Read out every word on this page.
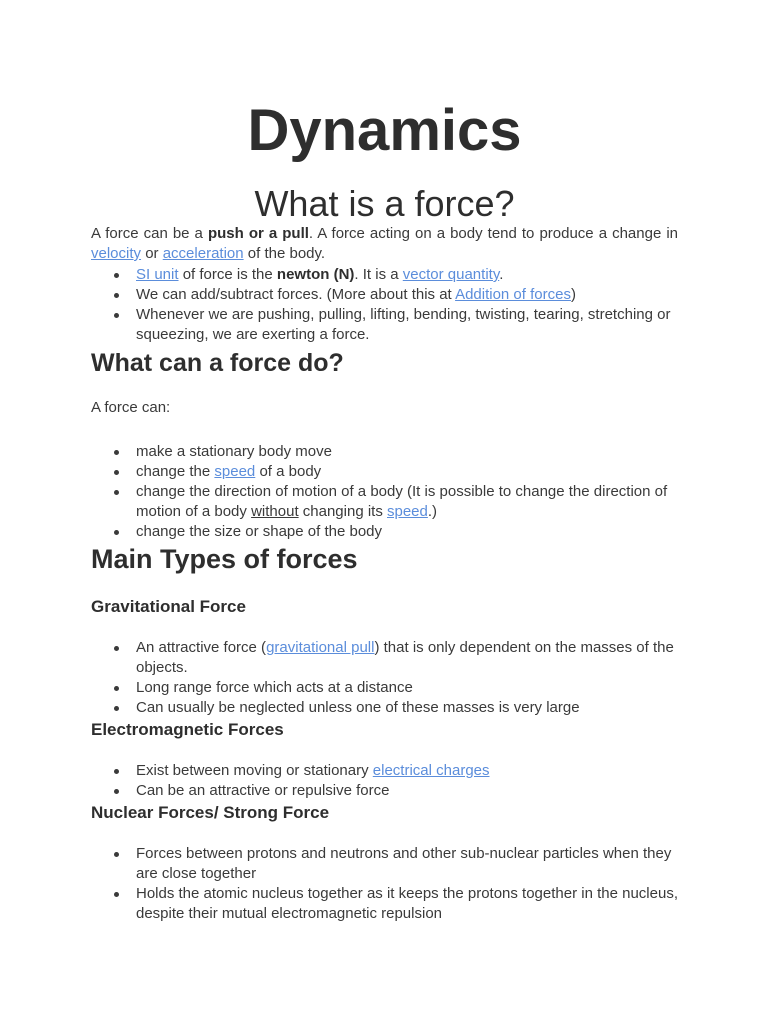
Dynamics
What is a force?

A force can be a push or a pull. A force acting on a body tend to produce a change in velocity or acceleration of the body.

SI unit of force is the newton (N). It is a vector quantity.
We can add/subtract forces. (More about this at Addition of forces)
Whenever we are pushing, pulling, lifting, bending, twisting, tearing, stretching or squeezing, we are exerting a force.
What can a force do?

A force can:

make a stationary body move
change the speed of a body
change the direction of motion of a body (It is possible to change the direction of motion of a body without changing its speed.)
change the size or shape of the body
Main Types of forces
Gravitational Force
An attractive force (gravitational pull) that is only dependent on the masses of the objects.
Long range force which acts at a distance
Can usually be neglected unless one of these masses is very large
Electromagnetic Forces
Exist between moving or stationary electrical charges
Can be an attractive or repulsive force
Nuclear Forces/ Strong Force
Forces between protons and neutrons and other sub-nuclear particles when they are close together
Holds the atomic nucleus together as it keeps the protons together in the nucleus, despite their mutual electromagnetic repulsion
